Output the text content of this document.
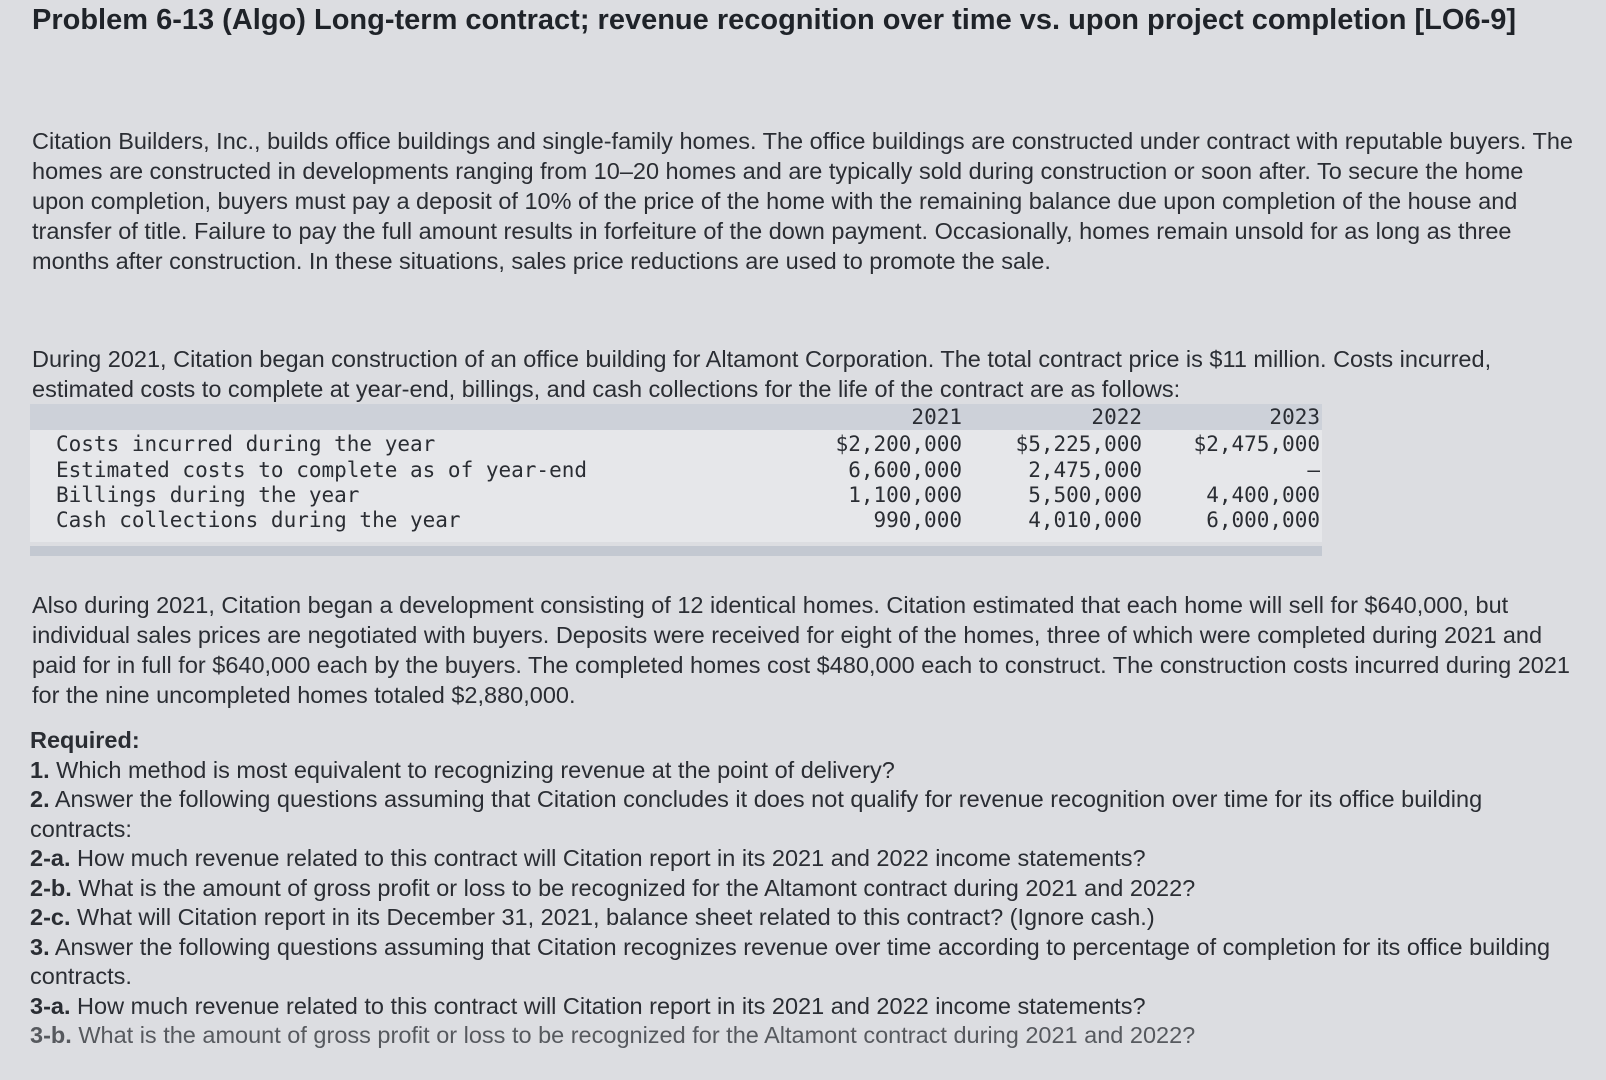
Problem 6-13 (Algo) Long-term contract; revenue recognition over time vs. upon project completion [LO6-9]

Citation Builders, Inc., builds office buildings and single-family homes. The office buildings are constructed under contract with reputable buyers. The homes are constructed in developments ranging from 10–20 homes and are typically sold during construction or soon after. To secure the home upon completion, buyers must pay a deposit of 10% of the price of the home with the remaining balance due upon completion of the house and transfer of title. Failure to pay the full amount results in forfeiture of the down payment. Occasionally, homes remain unsold for as long as three months after construction. In these situations, sales price reductions are used to promote the sale.

During 2021, Citation began construction of an office building for Altamont Corporation. The total contract price is $11 million. Costs incurred, estimated costs to complete at year-end, billings, and cash collections for the life of the contract are as follows:

2021	2022	2023
Costs incurred during the year	$2,200,000	$5,225,000	$2,475,000
Estimated costs to complete as of year-end	6,600,000	2,475,000	–
Billings during the year	1,100,000	5,500,000	4,400,000
Cash collections during the year	990,000	4,010,000	6,000,000

Also during 2021, Citation began a development consisting of 12 identical homes. Citation estimated that each home will sell for $640,000, but individual sales prices are negotiated with buyers. Deposits were received for eight of the homes, three of which were completed during 2021 and paid for in full for $640,000 each by the buyers. The completed homes cost $480,000 each to construct. The construction costs incurred during 2021 for the nine uncompleted homes totaled $2,880,000.

Required:
1. Which method is most equivalent to recognizing revenue at the point of delivery?
2. Answer the following questions assuming that Citation concludes it does not qualify for revenue recognition over time for its office building contracts:
2-a. How much revenue related to this contract will Citation report in its 2021 and 2022 income statements?
2-b. What is the amount of gross profit or loss to be recognized for the Altamont contract during 2021 and 2022?
2-c. What will Citation report in its December 31, 2021, balance sheet related to this contract? (Ignore cash.)
3. Answer the following questions assuming that Citation recognizes revenue over time according to percentage of completion for its office building contracts.
3-a. How much revenue related to this contract will Citation report in its 2021 and 2022 income statements?
3-b. What is the amount of gross profit or loss to be recognized for the Altamont contract during 2021 and 2022?
